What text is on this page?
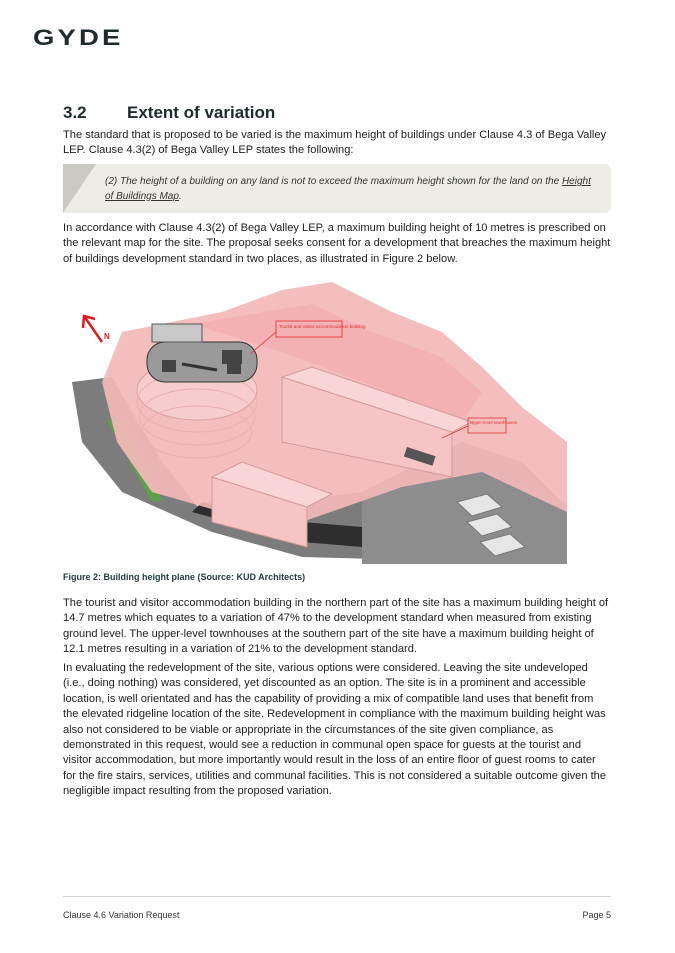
GYDE
3.2 Extent of variation
The standard that is proposed to be varied is the maximum height of buildings under Clause 4.3 of Bega Valley LEP. Clause 4.3(2) of Bega Valley LEP states the following:
(2) The height of a building on any land is not to exceed the maximum height shown for the land on the Height of Buildings Map.
In accordance with Clause 4.3(2) of Bega Valley LEP, a maximum building height of 10 metres is prescribed on the relevant map for the site. The proposal seeks consent for a development that breaches the maximum height of buildings development standard in two places, as illustrated in Figure 2 below.
N
Tourist and visitor accommodation building
Upper-level townhouses
Figure 2: Building height plane (Source: KUD Architects)
The tourist and visitor accommodation building in the northern part of the site has a maximum building height of 14.7 metres which equates to a variation of 47% to the development standard when measured from existing ground level. The upper-level townhouses at the southern part of the site have a maximum building height of 12.1 metres resulting in a variation of 21% to the development standard.
In evaluating the redevelopment of the site, various options were considered. Leaving the site undeveloped (i.e., doing nothing) was considered, yet discounted as an option. The site is in a prominent and accessible location, is well orientated and has the capability of providing a mix of compatible land uses that benefit from the elevated ridgeline location of the site. Redevelopment in compliance with the maximum building height was also not considered to be viable or appropriate in the circumstances of the site given compliance, as demonstrated in this request, would see a reduction in communal open space for guests at the tourist and visitor accommodation, but more importantly would result in the loss of an entire floor of guest rooms to cater for the fire stairs, services, utilities and communal facilities. This is not considered a suitable outcome given the negligible impact resulting from the proposed variation.
Clause 4.6 Variation Request	Page 5
